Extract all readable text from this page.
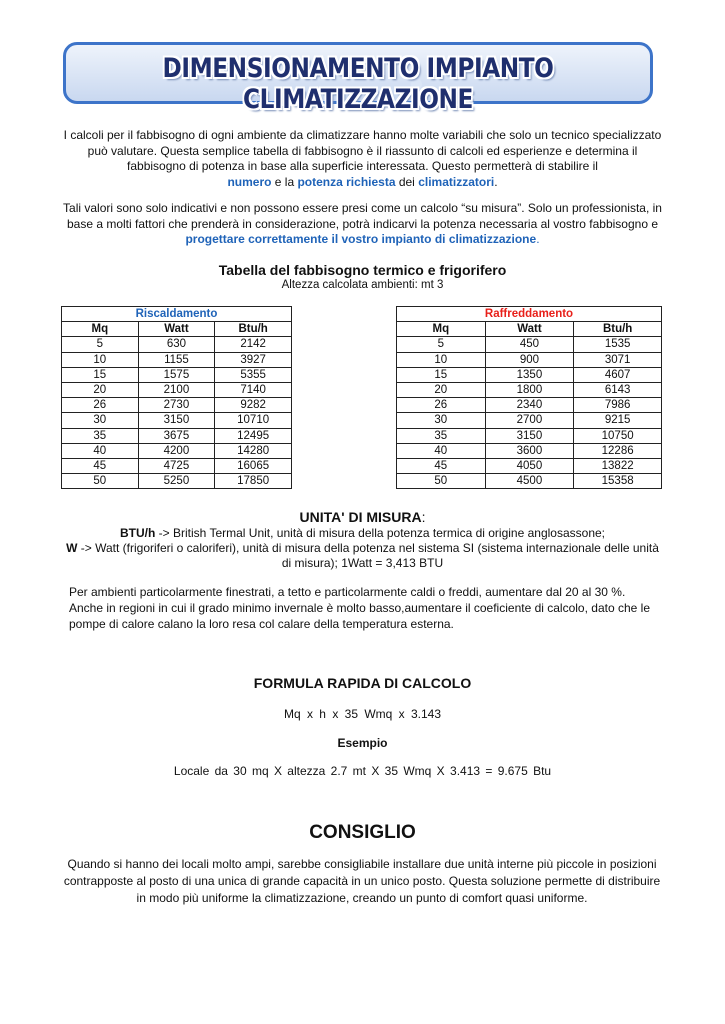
DIMENSIONAMENTO IMPIANTO CLIMATIZZAZIONE
I calcoli per il fabbisogno di ogni ambiente da climatizzare hanno molte variabili che solo un tecnico specializzato può valutare. Questa semplice tabella di fabbisogno è il riassunto di calcoli ed esperienze e determina il fabbisogno di potenza in base alla superficie interessata. Questo permetterà di stabilire il
numero e la potenza richiesta dei climatizzatori.
Tali valori sono solo indicativi e non possono essere presi come un calcolo “su misura”. Solo un professionista, in base a molti fattori che prenderà in considerazione, potrà indicarvi la potenza necessaria al vostro fabbisogno e progettare correttamente il vostro impianto di climatizzazione.
Tabella del fabbisogno termico e frigorifero
Altezza calcolata ambienti: mt 3
Riscaldamento		
Mq	Watt	Btu/h
5	630	2142
10	1155	3927
15	1575	5355
20	2100	7140
26	2730	9282
30	3150	10710
35	3675	12495
40	4200	14280
45	4725	16065
50	5250	17850
Raffreddamento		
Mq	Watt	Btu/h
5	450	1535
10	900	3071
15	1350	4607
20	1800	6143
26	2340	7986
30	2700	9215
35	3150	10750
40	3600	12286
45	4050	13822
50	4500	15358
UNITA' DI MISURA:
BTU/h -> British Termal Unit, unità di misura della potenza termica di origine anglosassone;
W -> Watt (frigoriferi o caloriferi), unità di misura della potenza nel sistema SI (sistema internazionale delle unità di misura); 1Watt = 3,413 BTU
Per ambienti particolarmente finestrati, a tetto e particolarmente caldi o freddi, aumentare dal 20 al 30 %.
Anche in regioni in cui il grado minimo invernale è molto basso,aumentare il coeficiente di calcolo, dato che le pompe di calore calano la loro resa col calare della temperatura esterna.
FORMULA RAPIDA DI CALCOLO
Mq x h x 35 Wmq x 3.143
Esempio
Locale da 30 mq X altezza 2.7 mt X 35 Wmq X 3.413 = 9.675 Btu
CONSIGLIO
Quando si hanno dei locali molto ampi, sarebbe consigliabile installare due unità interne più piccole in posizioni contrapposte al posto di una unica di grande capacità in un unico posto. Questa soluzione permette di distribuire in modo più uniforme la climatizzazione, creando un punto di comfort quasi uniforme.
